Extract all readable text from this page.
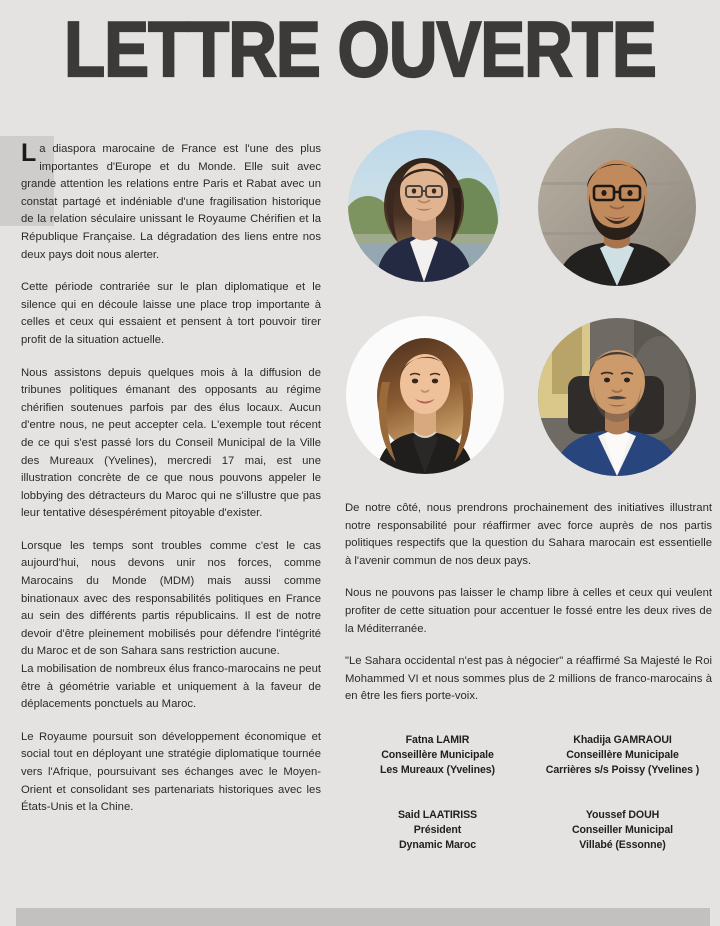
LETTRE OUVERTE

La diaspora marocaine de France est l'une des plus importantes d'Europe et du Monde. Elle suit avec grande attention les relations entre Paris et Rabat avec un constat partagé et indéniable d'une fragilisation historique de la relation séculaire unissant le Royaume Chérifien et la République Française. La dégradation des liens entre nos deux pays doit nous alerter.

Cette période contrariée sur le plan diplomatique et le silence qui en découle laisse une place trop importante à celles et ceux qui essaient et pensent à tort pouvoir tirer profit de la situation actuelle.

Nous assistons depuis quelques mois à la diffusion de tribunes politiques émanant des opposants au régime chérifien soutenues parfois par des élus locaux. Aucun d'entre nous, ne peut accepter cela. L'exemple tout récent de ce qui s'est passé lors du Conseil Municipal de la Ville des Mureaux (Yvelines), mercredi 17 mai, est une illustration concrète de ce que nous pouvons appeler le lobbying des détracteurs du Maroc qui ne s'illustre que pas leur tentative désespérément pitoyable d'exister.

Lorsque les temps sont troubles comme c'est le cas aujourd'hui, nous devons unir nos forces, comme Marocains du Monde (MDM) mais aussi comme binationaux avec des responsabilités politiques en France au sein des différents partis républicains. Il est de notre devoir d'être pleinement mobilisés pour défendre l'intégrité du Maroc et de son Sahara sans restriction aucune.

La mobilisation de nombreux élus franco-marocains ne peut être à géométrie variable et uniquement à la faveur de déplacements ponctuels au Maroc.

Le Royaume poursuit son développement économique et social tout en déployant une stratégie diplomatique tournée vers l'Afrique, poursuivant ses échanges avec le Moyen-Orient et consolidant ses partenariats historiques avec les États-Unis et la Chine.

De notre côté, nous prendrons prochainement des initiatives illustrant notre responsabilité pour réaffirmer avec force auprès de nos partis politiques respectifs que la question du Sahara marocain est essentielle à l'avenir commun de nos deux pays.

Nous ne pouvons pas laisser le champ libre à celles et ceux qui veulent profiter de cette situation pour accentuer le fossé entre les deux rives de la Méditerranée.

"Le Sahara occidental n'est pas à négocier" a réaffirmé Sa Majesté le Roi Mohammed VI et nous sommes plus de 2 millions de franco-marocains à en être les fiers porte-voix.

Fatna LAMIR
Conseillère Municipale
Les Mureaux (Yvelines)
Khadija GAMRAOUI
Conseillère Municipale
Carrières s/s Poissy (Yvelines )
Said LAATIRISS
Président
Dynamic Maroc
Youssef DOUH
Conseiller Municipal
Villabé (Essonne)
